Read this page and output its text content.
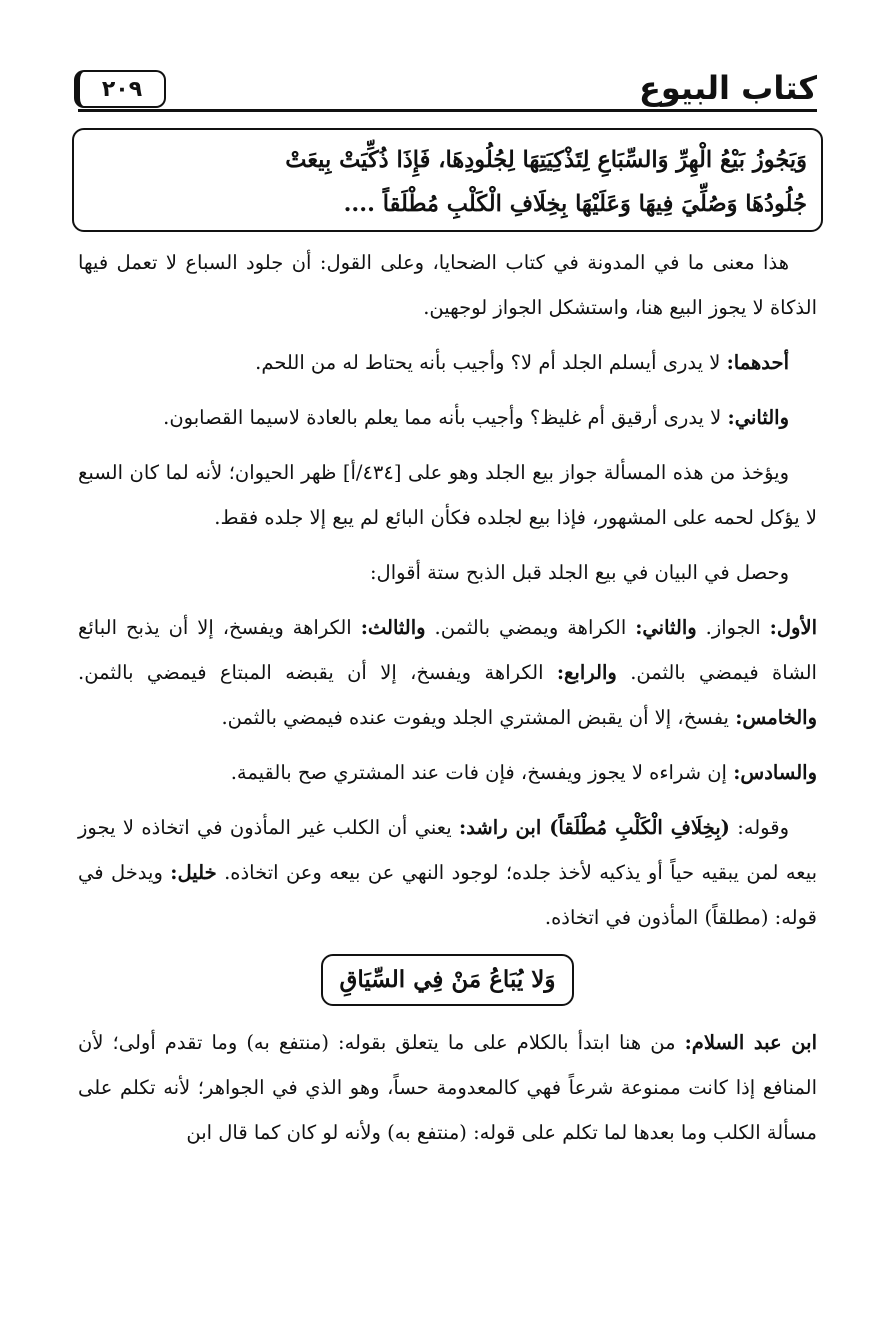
كتاب البيوع
٢٠٩
وَيَجُوزُ بَيْعُ الْهِرِّ وَالسِّبَاعِ لِتَذْكِيَتِهَا لِجُلُودِهَا، فَإِذَا ذُكِّيَتْ بِيعَتْ
جُلُودُهَا وَصُلِّيَ فِيهَا وَعَلَيْهَا بِخِلَافِ الْكَلْبِ مُطْلَقاً ....

هذا معنى ما في المدونة في كتاب الضحايا، وعلى القول: أن جلود السباع لا تعمل فيها الذكاة لا يجوز البيع هنا، واستشكل الجواز لوجهين.

أحدهما: لا يدرى أيسلم الجلد أم لا؟ وأجيب بأنه يحتاط له من اللحم.

والثاني: لا يدرى أرقيق أم غليظ؟ وأجيب بأنه مما يعلم بالعادة لاسيما القصابون.

ويؤخذ من هذه المسألة جواز بيع الجلد وهو على [٤٣٤/أ] ظهر الحيوان؛ لأنه لما كان السبع لا يؤكل لحمه على المشهور، فإذا بيع لجلده فكأن البائع لم يبع إلا جلده فقط.

وحصل في البيان في بيع الجلد قبل الذبح ستة أقوال:

الأول: الجواز. والثاني: الكراهة ويمضي بالثمن. والثالث: الكراهة ويفسخ، إلا أن يذبح البائع الشاة فيمضي بالثمن. والرابع: الكراهة ويفسخ، إلا أن يقبضه المبتاع فيمضي بالثمن. والخامس: يفسخ، إلا أن يقبض المشتري الجلد ويفوت عنده فيمضي بالثمن.

والسادس: إن شراءه لا يجوز ويفسخ، فإن فات عند المشتري صح بالقيمة.

وقوله: (بِخِلَافِ الْكَلْبِ مُطْلَقاً) ابن راشد: يعني أن الكلب غير المأذون في اتخاذه لا يجوز بيعه لمن يبقيه حياً أو يذكيه لأخذ جلده؛ لوجود النهي عن بيعه وعن اتخاذه. خليل: ويدخل في قوله: (مطلقاً) المأذون في اتخاذه.

وَلا يُبَاعُ مَنْ فِي السِّيَاقِ

ابن عبد السلام: من هنا ابتدأ بالكلام على ما يتعلق بقوله: (منتفع به) وما تقدم أولى؛ لأن المنافع إذا كانت ممنوعة شرعاً فهي كالمعدومة حساً، وهو الذي في الجواهر؛ لأنه تكلم على مسألة الكلب وما بعدها لما تكلم على قوله: (منتفع به) ولأنه لو كان كما قال ابن
